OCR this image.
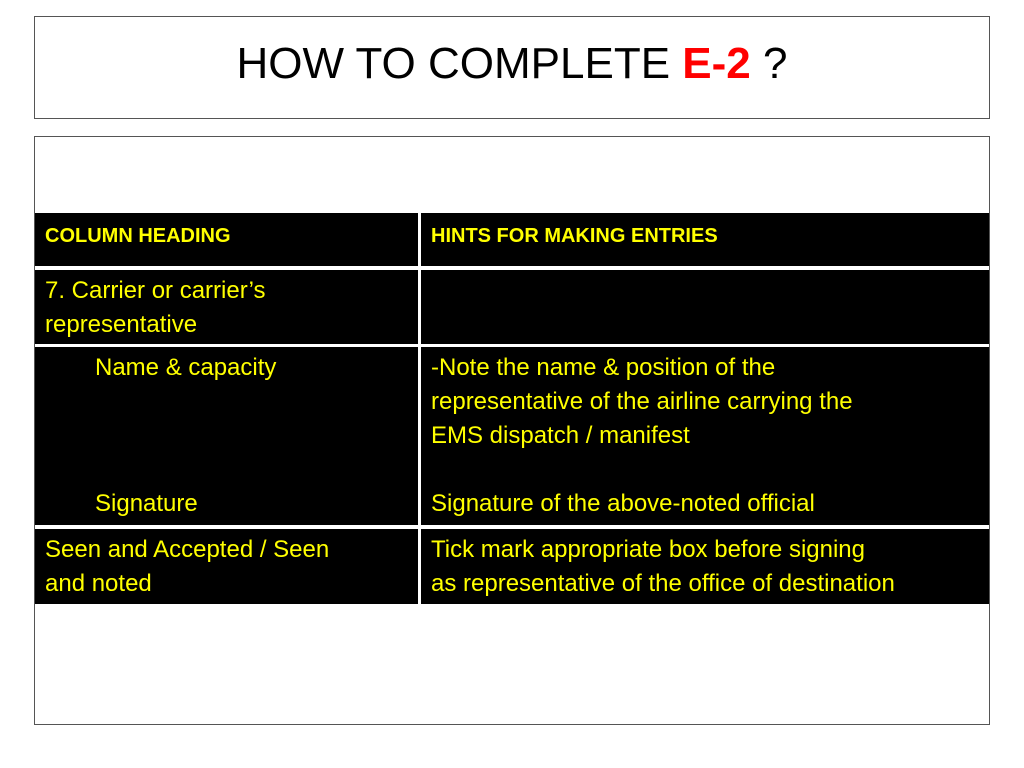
HOW TO COMPLETE E-2 ?
COLUMN HEADING	HINTS FOR MAKING ENTRIES
7. Carrier or carrier’s
representative
Name & capacity
Signature
-Note the name & position of the
representative of the airline carrying the
EMS dispatch / manifest
Signature of the above-noted official
Seen and Accepted / Seen
and noted
Tick mark appropriate box before signing
as representative of the office of destination
